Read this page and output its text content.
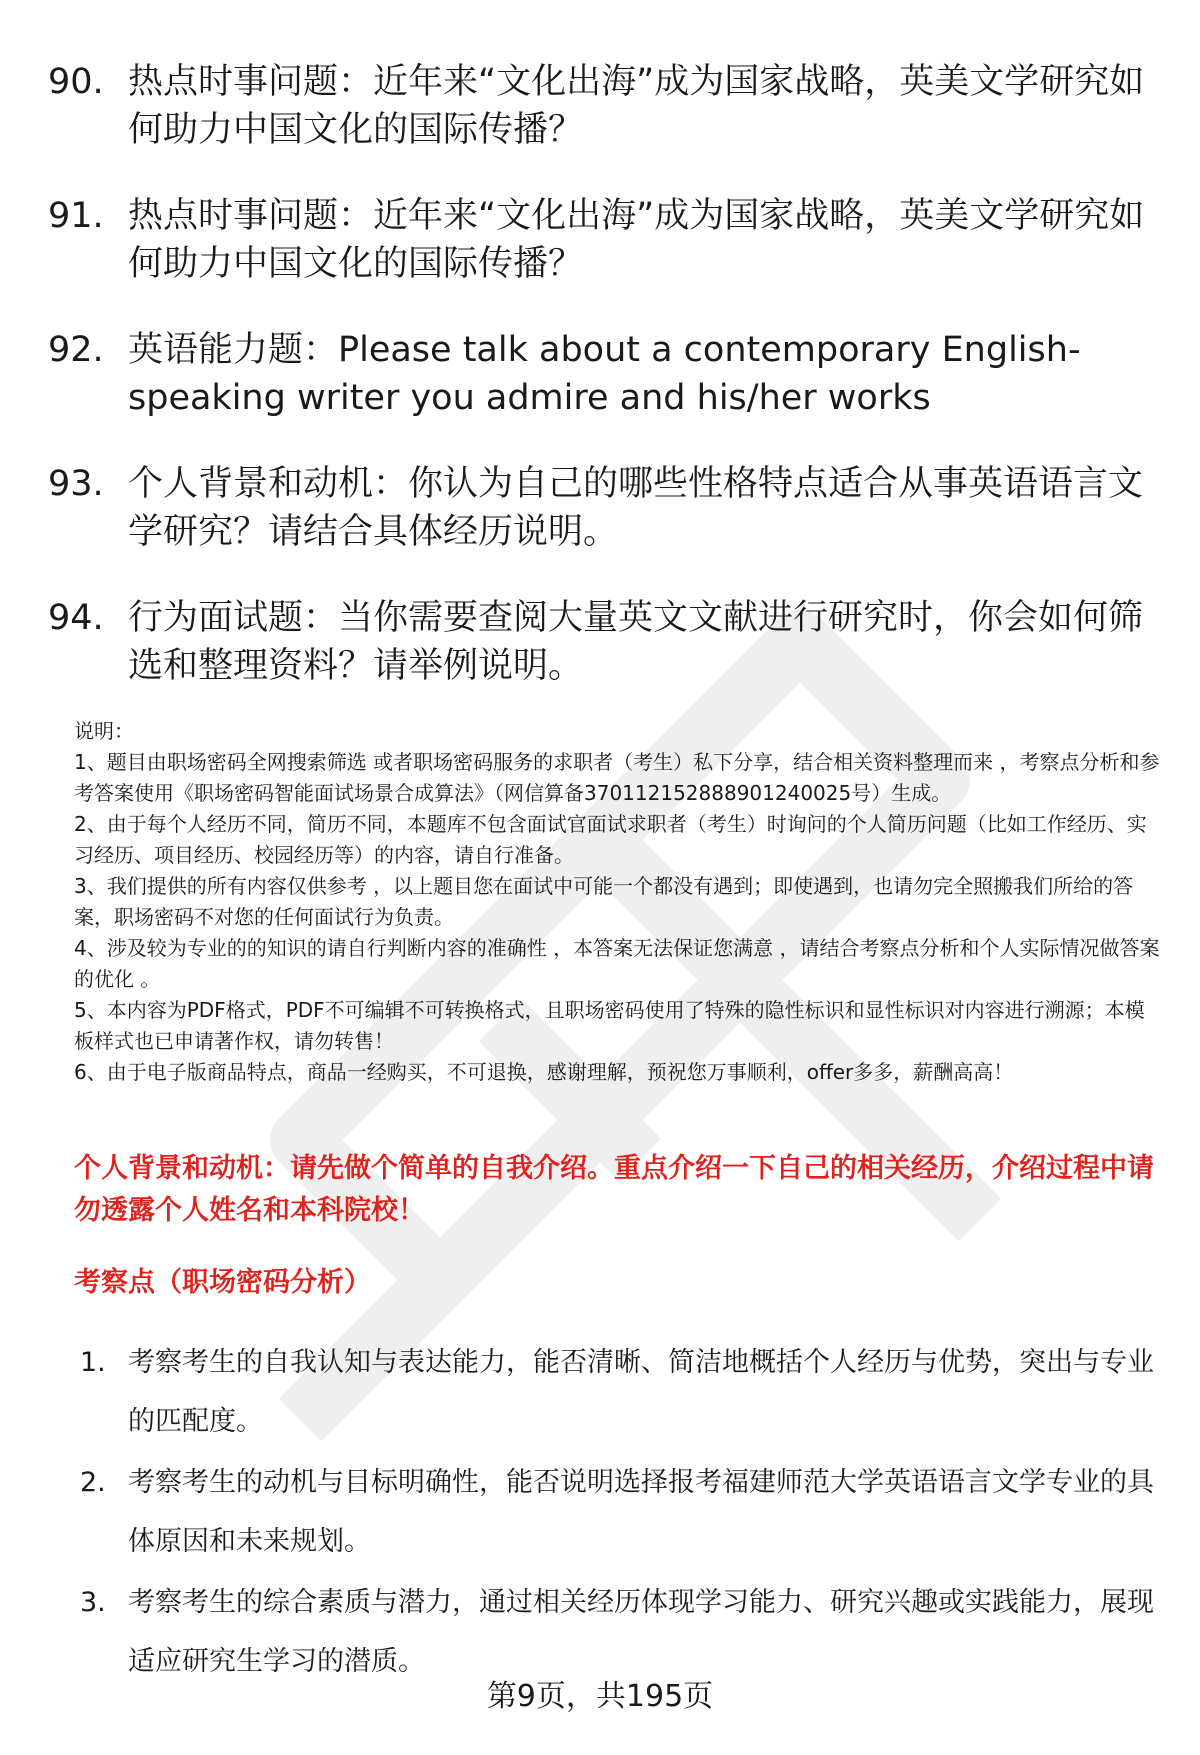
90. 热点时事问题：近年来“文化出海”成为国家战略，英美文学研究如何助力中国文化的国际传播？
91. 热点时事问题：近年来“文化出海”成为国家战略，英美文学研究如何助力中国文化的国际传播？
92. 英语能力题：Please talk about a contemporary English-speaking writer you admire and his/her works
93. 个人背景和动机：你认为自己的哪些性格特点适合从事英语语言文学研究？请结合具体经历说明。
94. 行为面试题：当你需要查阅大量英文文献进行研究时，你会如何筛选和整理资料？请举例说明。

说明：

1、题目由职场密码全网搜索筛选 或者职场密码服务的求职者（考生）私下分享，结合相关资料整理而来 ，考察点分析和参考答案使用《职场密码智能面试场景合成算法》（网信算备370112152888901240025号）生成。

2、由于每个人经历不同，简历不同，本题库不包含面试官面试求职者（考生）时询问的个人简历问题（比如工作经历、实习经历、项目经历、校园经历等）的内容，请自行准备。

3、我们提供的所有内容仅供参考 ，以上题目您在面试中可能一个都没有遇到；即使遇到，也请勿完全照搬我们所给的答案，职场密码不对您的任何面试行为负责。

4、涉及较为专业的的知识的请自行判断内容的准确性 ，本答案无法保证您满意 ，请结合考察点分析和个人实际情况做答案的优化 。

5、本内容为PDF格式，PDF不可编辑不可转换格式，且职场密码使用了特殊的隐性标识和显性标识对内容进行溯源；本模板样式也已申请著作权，请勿转售！

6、由于电子版商品特点，商品一经购买，不可退换，感谢理解，预祝您万事顺利，offer多多，薪酬高高！

个人背景和动机：请先做个简单的自我介绍。重点介绍一下自己的相关经历，介绍过程中请勿透露个人姓名和本科院校！
考察点（职场密码分析）
1. 考察考生的自我认知与表达能力，能否清晰、简洁地概括个人经历与优势，突出与专业的匹配度。
2. 考察考生的动机与目标明确性，能否说明选择报考福建师范大学英语语言文学专业的具体原因和未来规划。
3. 考察考生的综合素质与潜力，通过相关经历体现学习能力、研究兴趣或实践能力，展现适应研究生学习的潜质。
第9页，共195页
